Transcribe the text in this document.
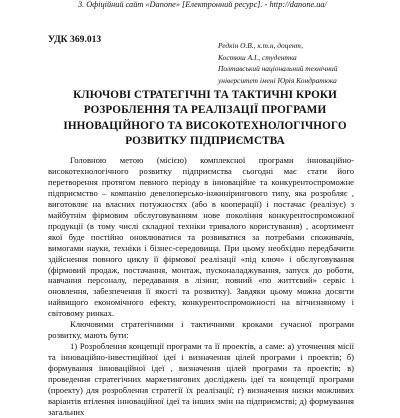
3. Офіційний сайт «Danone» [Електронний ресурс]. - http://danone.ua/
УДК 369.013
Редкін О.В., к.т.н, доцент,
Костюш А.І., студентка
Полтавський національний технічний
університет імені Юрія Кондратюка
КЛЮЧОВІ СТРАТЕГІЧНІ ТА ТАКТИЧНІ КРОКИ
РОЗРОБЛЕННЯ ТА РЕАЛІЗАЦІЇ ПРОГРАМИ
ІННОВАЦІЙНОГО ТА ВИСОКОТЕХНОЛОГІЧНОГО
РОЗВИТКУ ПІДПРИЄМСТВА

Головною метою (місією) комплексної програми інноваційно-високотехнологічного розвитку підприємства сьогодні має стати його перетворення протягом певного періоду в інноваційне та конкурентоспроможне підприємство – компанію девелоперсько-інжинірингового типу, яка розробляє , виготовляє на власних потужностях (або в кооперації) і постачає (реалізує) з майбутнім фірмовим обслуговуванням нове покоління конкурентоспроможної продукції (в тому числі складної техніки тривалого користування) , асортимент якої буде постійно оновлюватися та розвиватися за потребами споживачів, вимогами науки, техніки і бізнес-середовища. При цьому необхідно передбачити здійснення повного циклу її фірмової реалізації «під ключ» і обслуговування (фірмовий продаж, постачання, монтаж, пусконаладжування, запуск до роботи, навчання персоналу, передавання в лізинг, повний «по життєвий» сервіс і оновлення, забезпечення її якості та розвитку). Завдяки цьому можна досягти найвищого економічного ефекту, конкурентоспроможності на вітчизняному і світовому ринках.

Ключовими стратегічними і тактичними кроками сучасної програми розвитку, мають бути:

1) Розроблення концепції програми та її проектів, а саме: а) уточнення місії та інноваційно-інвестиційної ідеї і визначення цілей програми і проектів; б) формування інноваційної ідеї , визначення цілей програми та проектів; в) проведення стратегічних маркетингових досліджень ідеї та концепції програми (проекту) для розроблення стратегії їх реалізації; г) визначення низки можливих варіантів втілення інноваційної ідеї та інших змін на підприємстві; д) формування загальних
